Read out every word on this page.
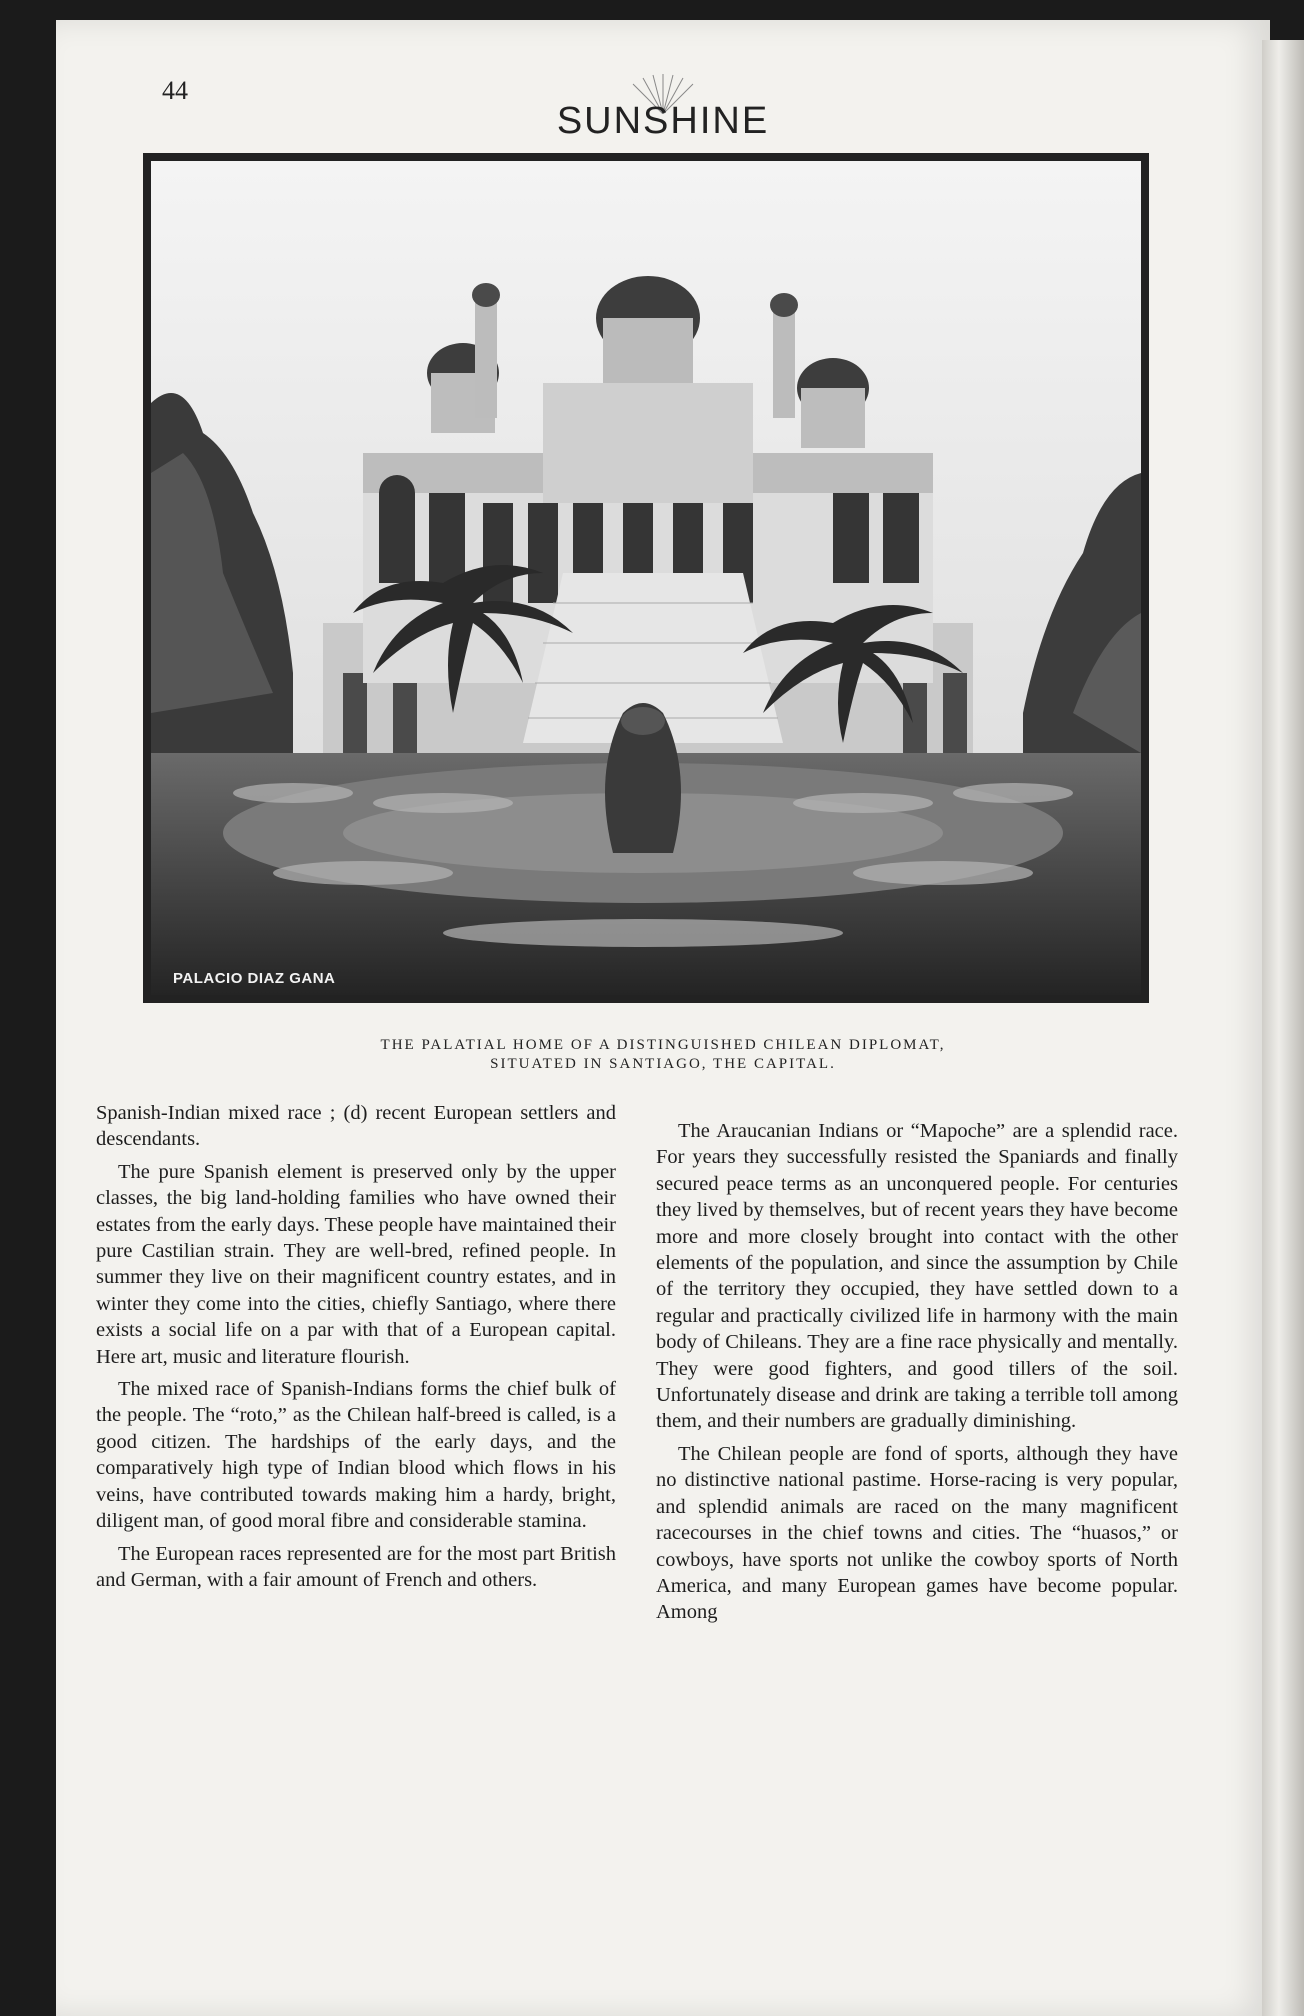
44
SUNSHINE
PALACIO DIAZ GANA
THE PALATIAL HOME OF A DISTINGUISHED CHILEAN DIPLOMAT,
SITUATED IN SANTIAGO, THE CAPITAL.

Spanish-Indian mixed race ; (d) recent European settlers and descendants.

The pure Spanish element is preserved only by the upper classes, the big land-holding families who have owned their estates from the early days. These people have maintained their pure Castilian strain. They are well-bred, refined people. In summer they live on their magnificent country estates, and in winter they come into the cities, chiefly Santiago, where there exists a social life on a par with that of a European capital. Here art, music and literature flourish.

The mixed race of Spanish-Indians forms the chief bulk of the people. The “roto,” as the Chilean half-breed is called, is a good citizen. The hardships of the early days, and the comparatively high type of Indian blood which flows in his veins, have contributed towards making him a hardy, bright, diligent man, of good moral fibre and considerable stamina.

The European races represented are for the most part British and German, with a fair amount of French and others.

The Araucanian Indians or “Mapoche” are a splendid race. For years they successfully resisted the Spaniards and finally secured peace terms as an unconquered people. For centuries they lived by themselves, but of recent years they have become more and more closely brought into contact with the other elements of the population, and since the assumption by Chile of the territory they occupied, they have settled down to a regular and practically civilized life in harmony with the main body of Chileans. They are a fine race physically and mentally. They were good fighters, and good tillers of the soil. Unfortunately disease and drink are taking a terrible toll among them, and their numbers are gradually diminishing.

The Chilean people are fond of sports, although they have no distinctive national pastime. Horse-racing is very popular, and splendid animals are raced on the many magnificent racecourses in the chief towns and cities. The “huasos,” or cowboys, have sports not unlike the cowboy sports of North America, and many European games have become popular. Among
